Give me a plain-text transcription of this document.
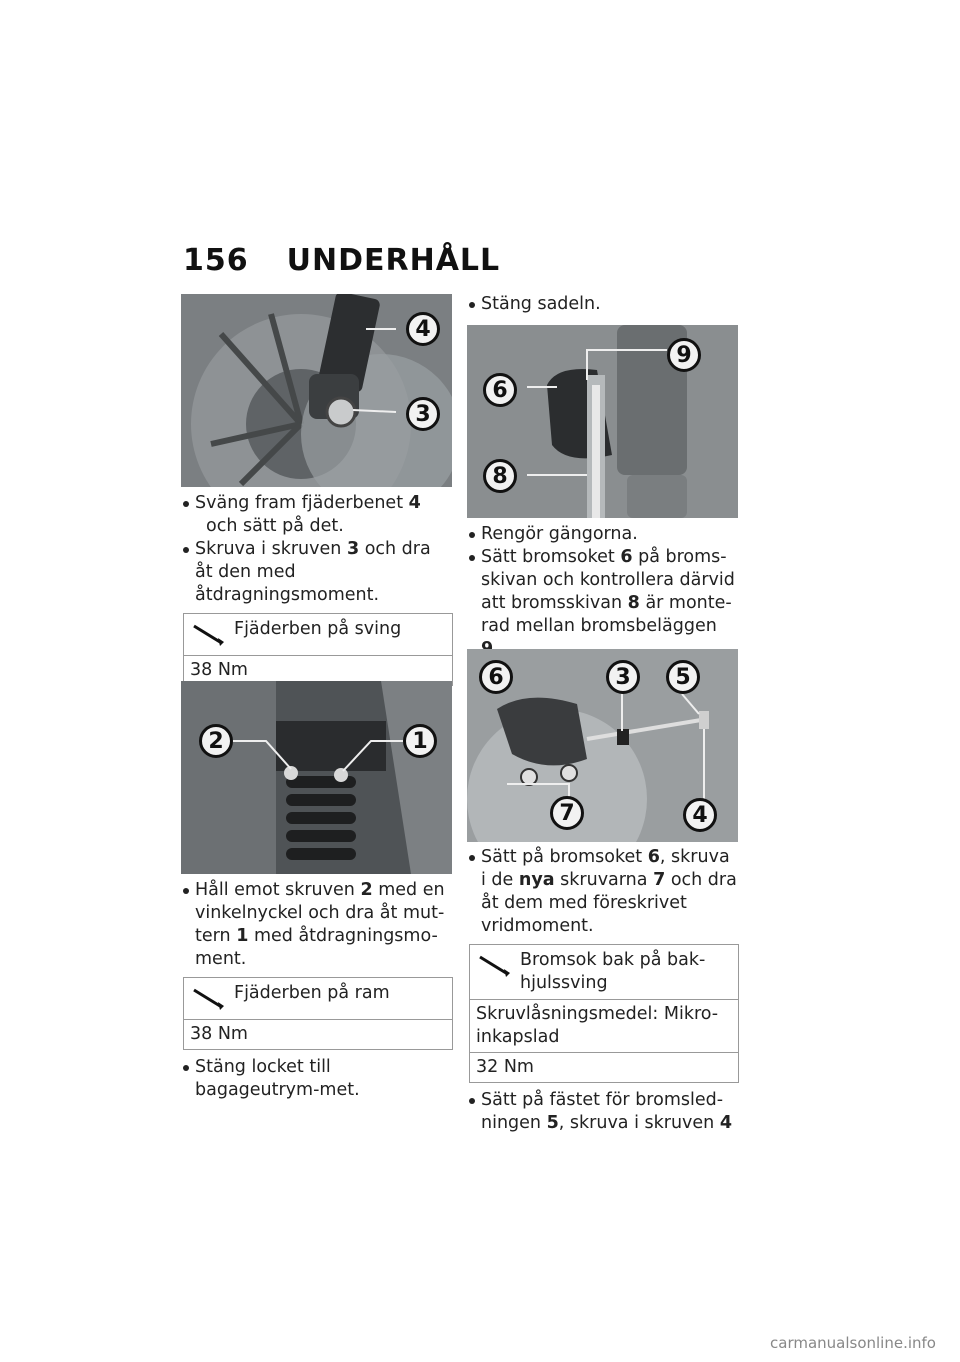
156 UNDERHÅLL
4
3

Sväng fram fjäderbenet 4
och sätt på det.

Skruva i skruven 3 och dra åt den med åtdragningsmoment.

Fjäderben på sving
38 Nm
2	1

Håll emot skruven 2 med en vinkelnyckel och dra åt mut-tern 1 med åtdragningsmo-ment.

Fjäderben på ram
38 Nm

Stäng locket till bagageutrym-met.

Stäng sadeln.

9
6
8

Rengör gängorna.

Sätt bromsoket 6 på broms-skivan och kontrollera därvid att bromsskivan 8 är monte-rad mellan bromsbeläggen

6	3	5
7	4

Sätt på bromsoket 6, skruva i de nya skruvarna 7 och dra åt dem med föreskrivet vridmoment.

Bromsok bak på bak-hjulssving
Skruvlåsningsmedel: Mikro-inkapslad
32 Nm

Sätt på fästet för bromsled-ningen 5, skruva i skruven 4

carmanualsonline.info
